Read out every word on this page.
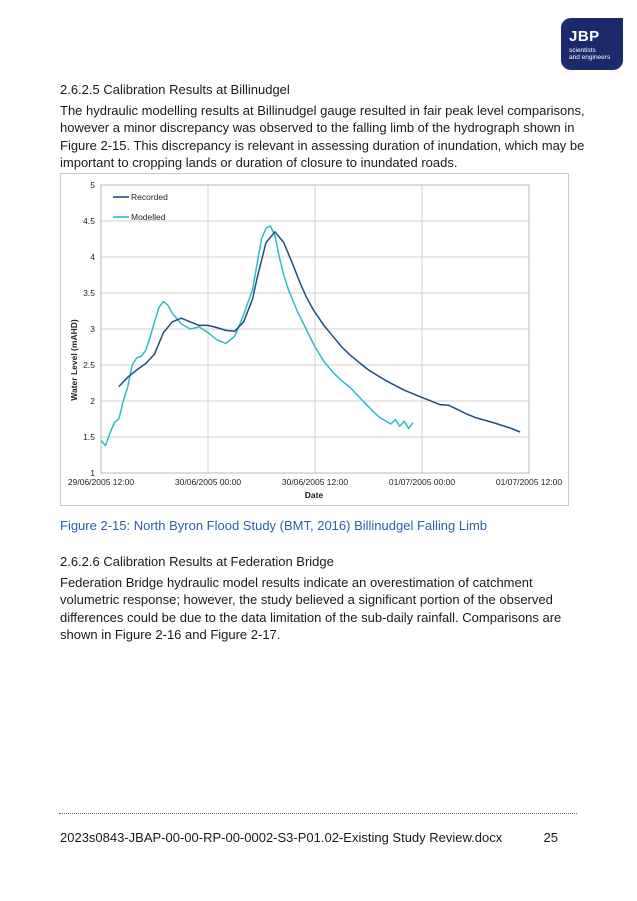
JBP
scientists
and engineers
2.6.2.5 Calibration Results at Billinudgel

The hydraulic modelling results at Billinudgel gauge resulted in fair peak level comparisons, however a minor discrepancy was observed to the falling limb of the hydrograph shown in Figure 2-15. This discrepancy is relevant in assessing duration of inundation, which may be important to cropping lands or duration of closure to inundated roads.

1
1.5
2
2.5
3
3.5
4
4.5
5
29/06/2005 12:00	30/06/2005 00:00	30/06/2005 12:00	01/07/2005 00:00	01/07/2005 12:00
Recorded
Modelled
Water Level (mAHD)
Date
Figure 2-15: North Byron Flood Study (BMT, 2016) Billinudgel Falling Limb
2.6.2.6 Calibration Results at Federation Bridge

Federation Bridge hydraulic model results indicate an overestimation of catchment volumetric response; however, the study believed a significant portion of the observed differences could be due to the data limitation of the sub-daily rainfall. Comparisons are shown in Figure 2-16 and Figure 2-17.

2023s0843-JBAP-00-00-RP-00-0002-S3-P01.02-Existing Study Review.docx	25
